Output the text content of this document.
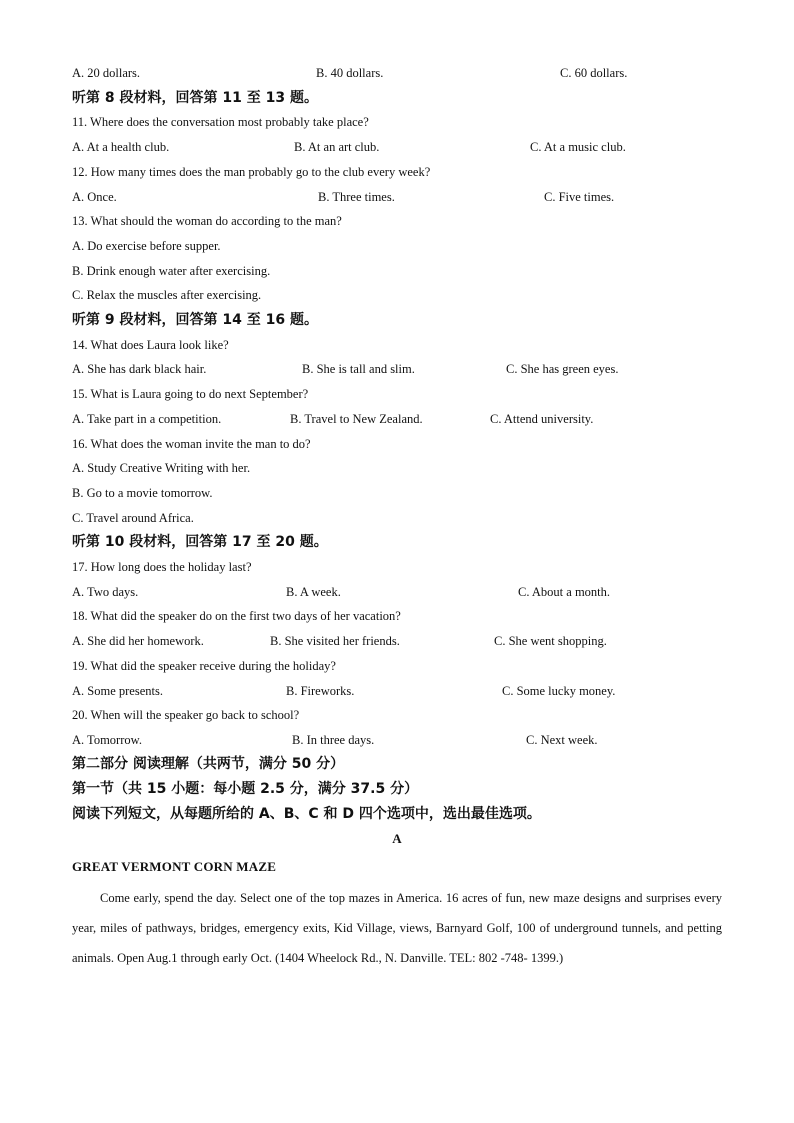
A. 20 dollars.	B. 40 dollars.	C. 60 dollars.
听第 8 段材料，回答第 11 至 13 题。
11. Where does the conversation most probably take place?
A. At a health club.	B. At an art club.	C. At a music club.
12. How many times does the man probably go to the club every week?
A. Once.	B. Three times.	C. Five times.
13. What should the woman do according to the man?
A. Do exercise before supper.
B. Drink enough water after exercising.
C. Relax the muscles after exercising.
听第 9 段材料，回答第 14 至 16 题。
14. What does Laura look like?
A. She has dark black hair.	B. She is tall and slim.	C. She has green eyes.
15. What is Laura going to do next September?
A. Take part in a competition.	B. Travel to New Zealand.	C. Attend university.
16. What does the woman invite the man to do?
A. Study Creative Writing with her.
B. Go to a movie tomorrow.
C. Travel around Africa.
听第 10 段材料，回答第 17 至 20 题。
17. How long does the holiday last?
A. Two days.	B. A week.	C. About a month.
18. What did the speaker do on the first two days of her vacation?
A. She did her homework.	B. She visited her friends.	C. She went shopping.
19. What did the speaker receive during the holiday?
A. Some presents.	B. Fireworks.	C. Some lucky money.
20. When will the speaker go back to school?
A. Tomorrow.	B. In three days.	C. Next week.
第二部分 阅读理解（共两节，满分 50 分）
第一节（共 15 小题：每小题 2.5 分，满分 37.5 分）
阅读下列短文，从每题所给的 A、B、C 和 D 四个选项中，选出最佳选项。
A
GREAT VERMONT CORN MAZE
Come early, spend the day. Select one of the top mazes in America. 16 acres of fun, new maze designs and surprises every year, miles of pathways, bridges, emergency exits, Kid Village, views, Barnyard Golf, 100 of underground tunnels, and petting animals. Open Aug.1 through early Oct. (1404 Wheelock Rd., N. Danville. TEL: 802 -748- 1399.)
